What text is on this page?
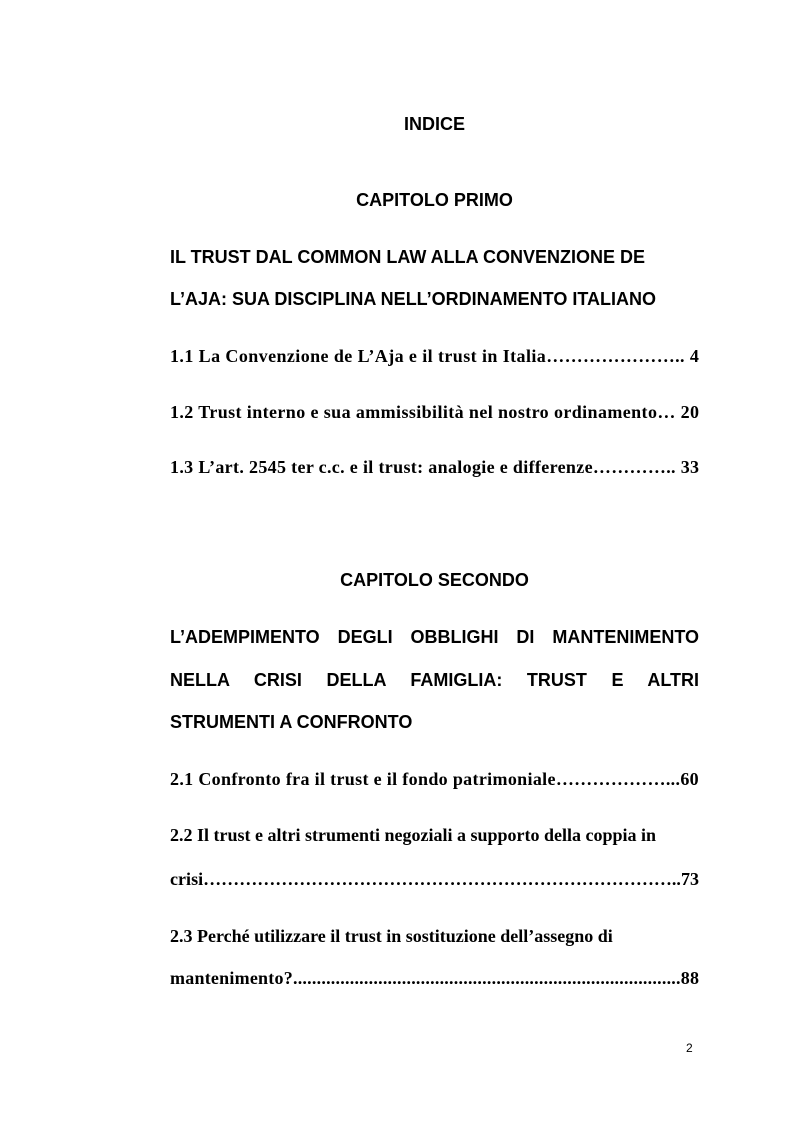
INDICE
CAPITOLO PRIMO
IL TRUST DAL COMMON LAW ALLA CONVENZIONE DE
L’AJA: SUA DISCIPLINA NELL’ORDINAMENTO ITALIANO
1.1 La Convenzione de L’Aja e il trust in Italia………………….. 4
1.2 Trust interno e sua ammissibilità nel nostro ordinamento… 20
1.3 L’art. 2545 ter c.c. e il trust: analogie e differenze………….. 33
CAPITOLO SECONDO
L’ADEMPIMENTO DEGLI OBBLIGHI DI MANTENIMENTO
NELLA CRISI DELLA FAMIGLIA: TRUST E ALTRI
STRUMENTI A CONFRONTO
2.1 Confronto fra il trust e il fondo patrimoniale………………...60
2.2 Il trust e altri strumenti negoziali a supporto della coppia in
crisi……………………………………………………………………..73
2.3 Perché utilizzare il trust in sostituzione dell’assegno di
mantenimento?..................................................................................88
2
